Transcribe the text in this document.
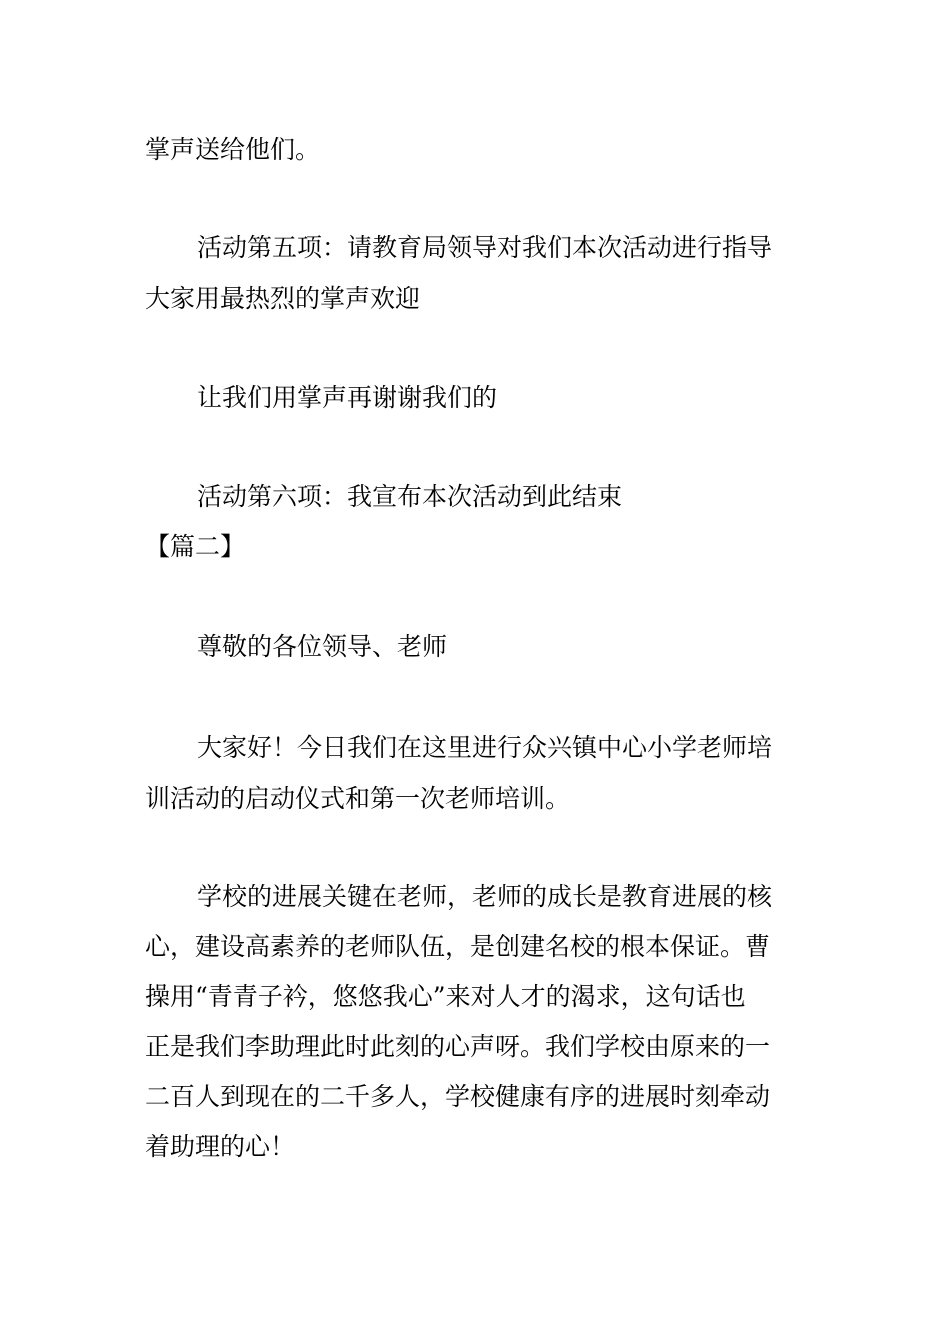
掌声送给他们。
活动第五项：请教育局领导对我们本次活动进行指导
大家用最热烈的掌声欢迎
让我们用掌声再谢谢我们的
活动第六项：我宣布本次活动到此结束
【篇二】
尊敬的各位领导、老师
大家好！今日我们在这里进行众兴镇中心小学老师培
训活动的启动仪式和第一次老师培训。
学校的进展关键在老师，老师的成长是教育进展的核
心，建设高素养的老师队伍，是创建名校的根本保证。曹
操用“青青子衿，悠悠我心”来对人才的渴求，这句话也
正是我们李助理此时此刻的心声呀。我们学校由原来的一
二百人到现在的二千多人，学校健康有序的进展时刻牵动
着助理的心！
